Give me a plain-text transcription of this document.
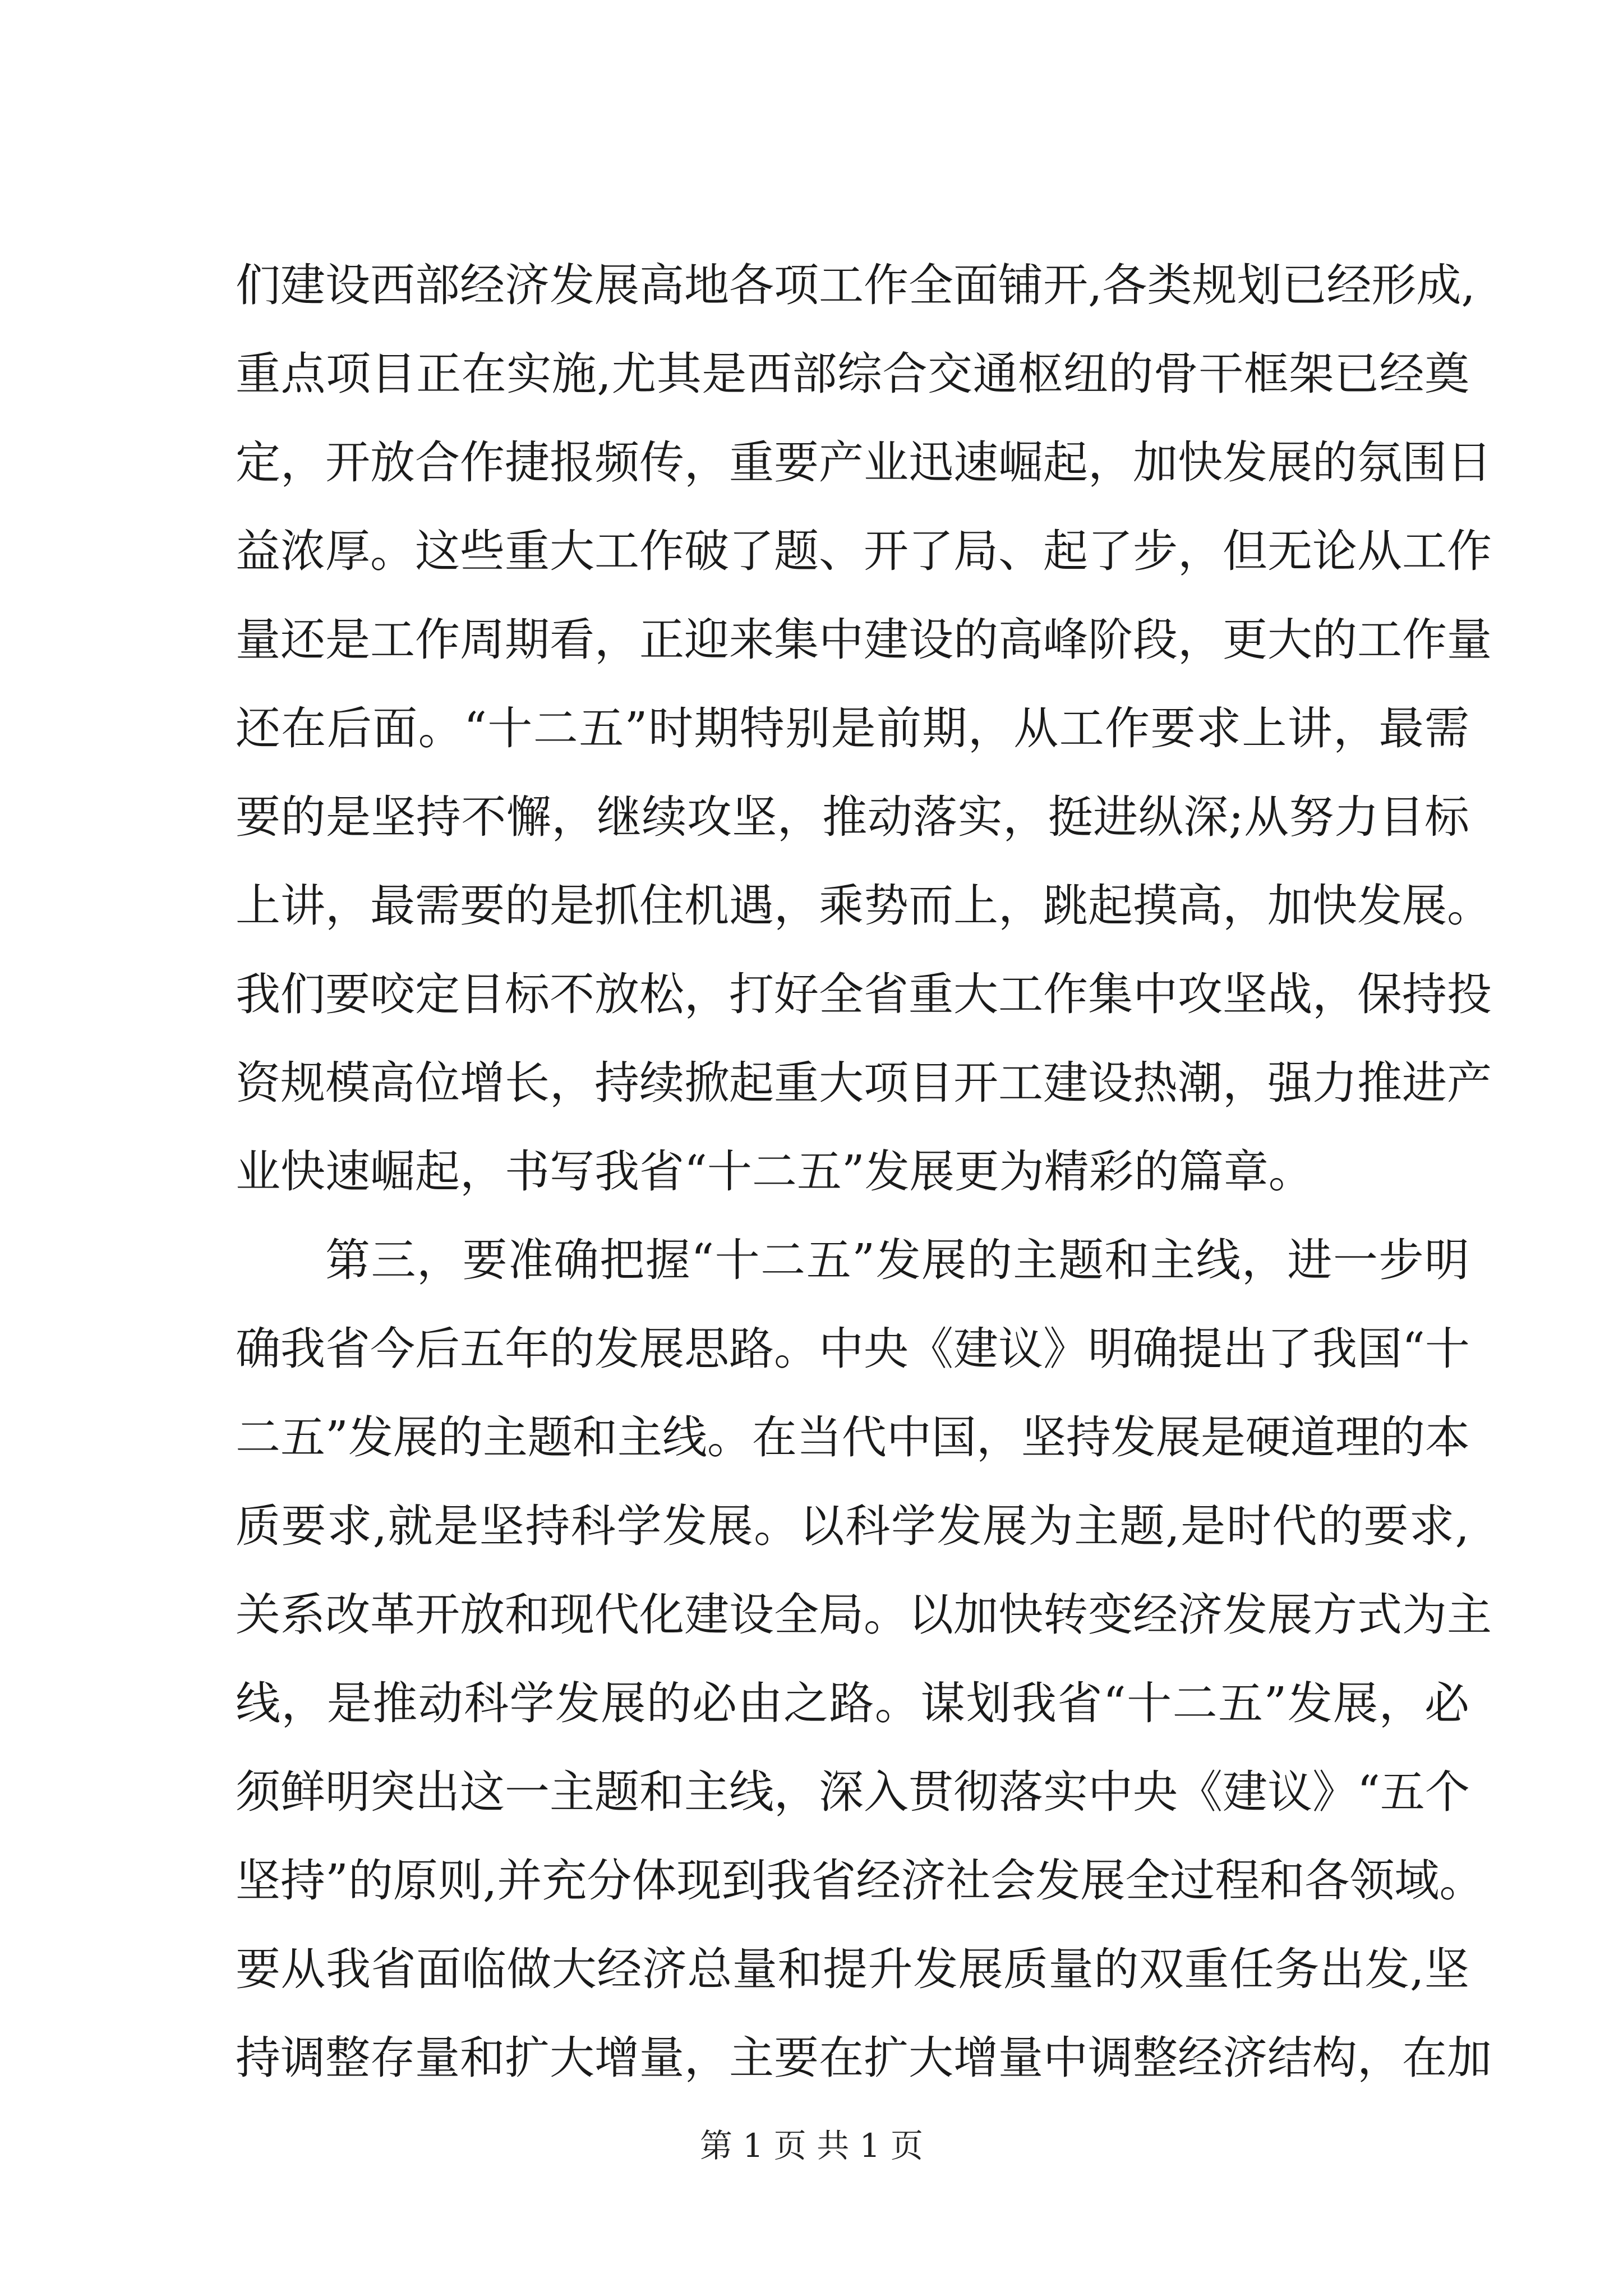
们建设西部经济发展高地各项工作全面铺开,各类规划已经形成,
重点项目正在实施,尤其是西部综合交通枢纽的骨干框架已经奠
定，开放合作捷报频传，重要产业迅速崛起，加快发展的氛围日
益浓厚。这些重大工作破了题、开了局、起了步，但无论从工作
量还是工作周期看，正迎来集中建设的高峰阶段，更大的工作量
还在后面。“十二五”时期特别是前期，从工作要求上讲，最需
要的是坚持不懈，继续攻坚，推动落实，挺进纵深;从努力目标
上讲，最需要的是抓住机遇，乘势而上，跳起摸高，加快发展。
我们要咬定目标不放松，打好全省重大工作集中攻坚战，保持投
资规模高位增长，持续掀起重大项目开工建设热潮，强力推进产
业快速崛起，书写我省“十二五”发展更为精彩的篇章。
第三，要准确把握“十二五”发展的主题和主线，进一步明
确我省今后五年的发展思路。中央《建议》明确提出了我国“十
二五”发展的主题和主线。在当代中国，坚持发展是硬道理的本
质要求,就是坚持科学发展。以科学发展为主题,是时代的要求,
关系改革开放和现代化建设全局。以加快转变经济发展方式为主
线，是推动科学发展的必由之路。谋划我省“十二五”发展，必
须鲜明突出这一主题和主线，深入贯彻落实中央《建议》“五个
坚持”的原则,并充分体现到我省经济社会发展全过程和各领域。
要从我省面临做大经济总量和提升发展质量的双重任务出发,坚
持调整存量和扩大增量，主要在扩大增量中调整经济结构，在加
第 1 页 共 1 页
